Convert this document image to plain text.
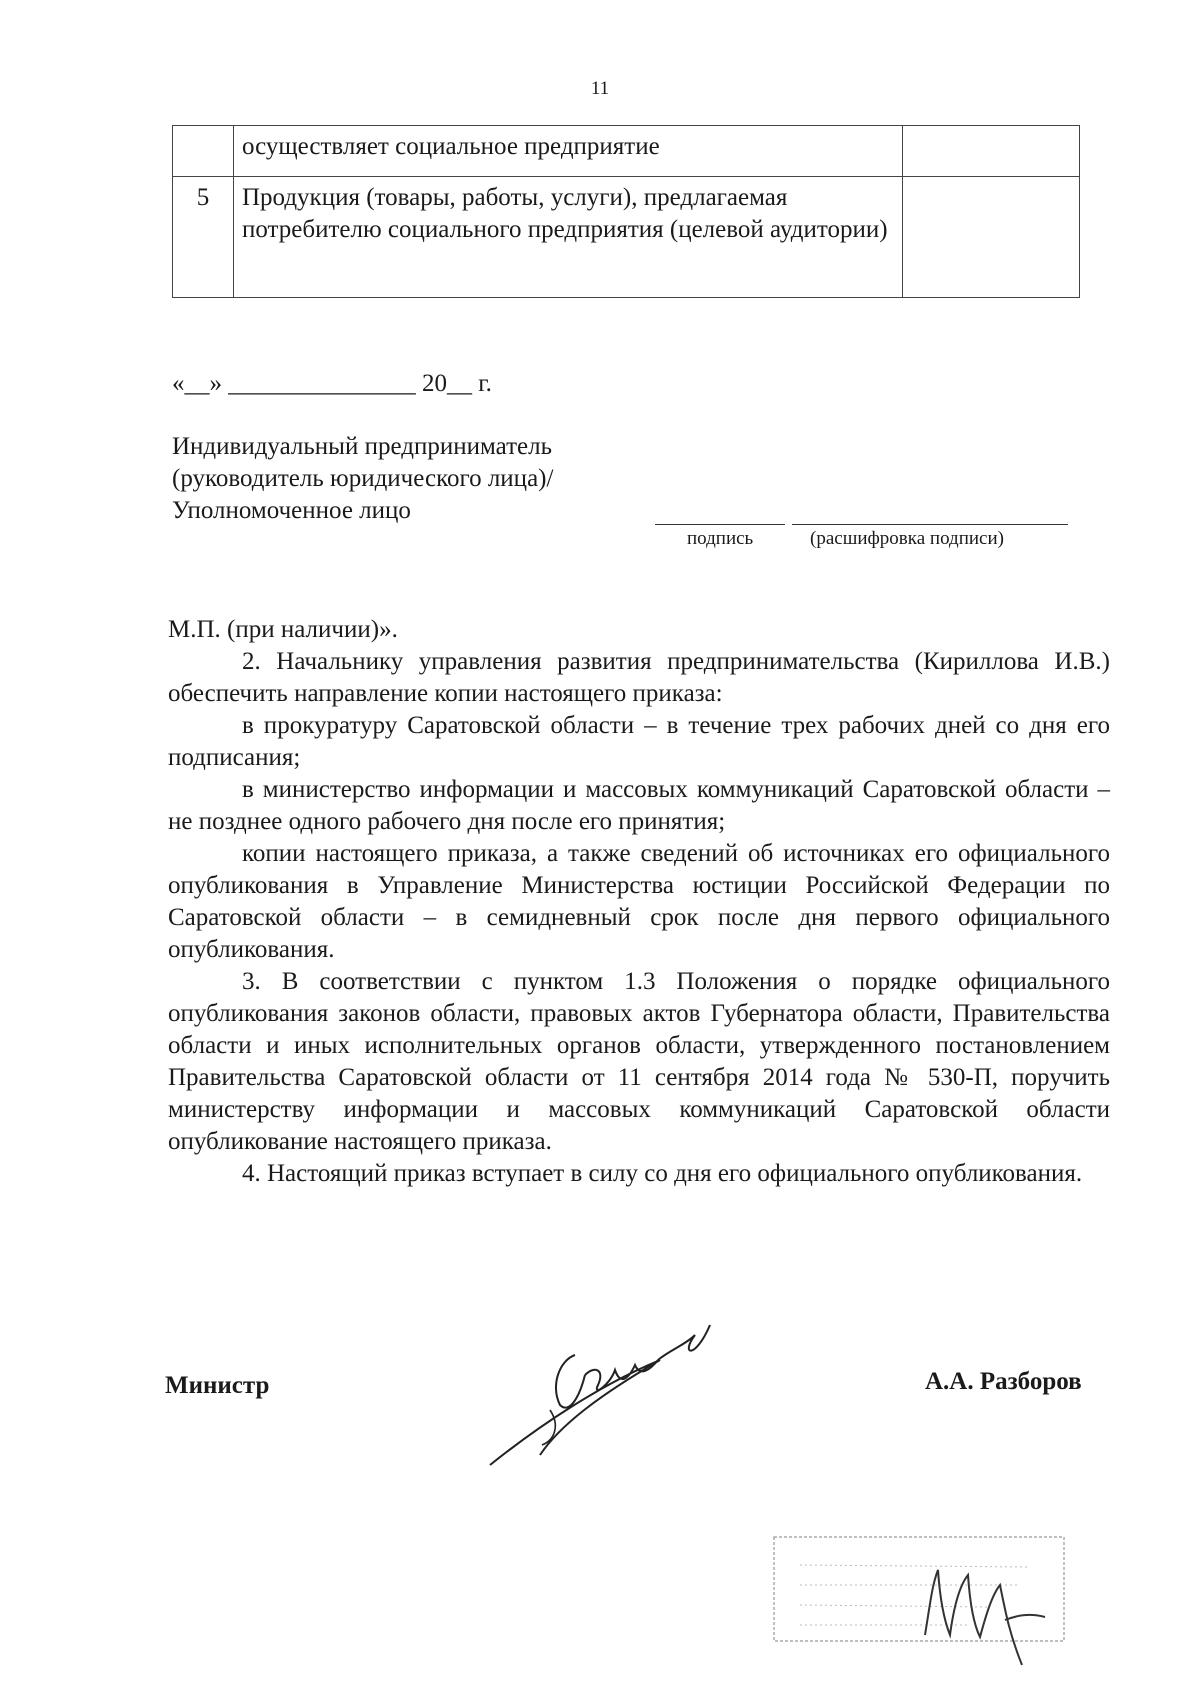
11
	осуществляет социальное предприятие	
5	Продукция (товары, работы, услуги), предлагаемая потребителю социального предприятия (целевой аудитории)	
«__» _______________ 20__ г.
Индивидуальный предприниматель
(руководитель юридического лица)/
Уполномоченное лицо
подпись	(расшифровка подписи)

М.П. (при наличии)».

2. Начальнику управления развития предпринимательства (Кириллова И.В.) обеспечить направление копии настоящего приказа:

в прокуратуру Саратовской области – в течение трех рабочих дней со дня его подписания;

в министерство информации и массовых коммуникаций Саратовской области – не позднее одного рабочего дня после его принятия;

копии настоящего приказа, а также сведений об источниках его официального опубликования в Управление Министерства юстиции Российской Федерации по Саратовской области – в семидневный срок после дня первого официального опубликования.

3. В соответствии с пунктом 1.3 Положения о порядке официального опубликования законов области, правовых актов Губернатора области, Правительства области и иных исполнительных органов области, утвержденного постановлением Правительства Саратовской области от 11 сентября 2014 года № 530-П, поручить министерству информации и массовых коммуникаций Саратовской области опубликование настоящего приказа.

4. Настоящий приказ вступает в силу со дня его официального опубликования.

Министр	А.А. Разборов
